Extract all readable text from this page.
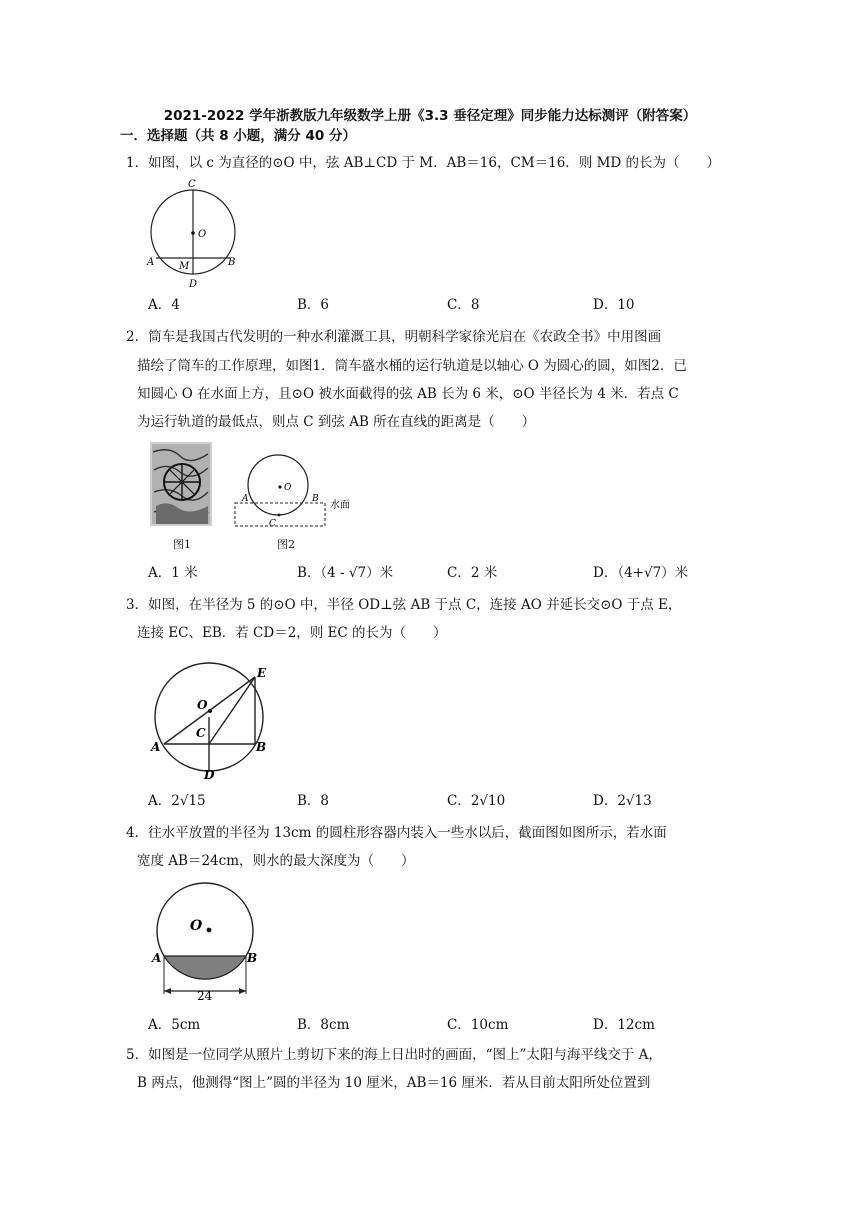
2021-2022 学年浙教版九年级数学上册《3.3 垂径定理》同步能力达标测评（附答案）
一．选择题（共 8 小题，满分 40 分）
1．如图，以 c 为直径的⊙O 中，弦 AB⊥CD 于 M．AB＝16，CM＝16．则 MD 的长为（　　）
C
O
A M	B
D
A．4	B．6	C．8	D．10
2．筒车是我国古代发明的一种水利灌溉工具，明朝科学家徐光启在《农政全书》中用图画
描绘了筒车的工作原理，如图1．筒车盛水桶的运行轨道是以轴心 O 为圆心的圆，如图2．已
知圆心 O 在水面上方，且⊙O 被水面截得的弦 AB 长为 6 米，⊙O 半径长为 4 米．若点 C
为运行轨道的最低点，则点 C 到弦 AB 所在直线的距离是（　　）
图1
O
A	B
C
水面
图2
A．1 米	B．（4 - √7）米	C．2 米	D．（4+√7）米
3．如图，在半径为 5 的⊙O 中，半径 OD⊥弦 AB 于点 C，连接 AO 并延长交⊙O 于点 E，
连接 EC、EB．若 CD＝2，则 EC 的长为（　　）
E
O
C
A	B
D
A．2√15	B．8	C．2√10	D．2√13
4．往水平放置的半径为 13cm 的圆柱形容器内装入一些水以后，截面图如图所示，若水面
宽度 AB＝24cm，则水的最大深度为（　　）
O
A	B
24
A．5cm	B．8cm	C．10cm	D．12cm
5．如图是一位同学从照片上剪切下来的海上日出时的画面，“图上”太阳与海平线交于 A，
B 两点，他测得“图上”圆的半径为 10 厘米，AB＝16 厘米．若从目前太阳所处位置到
